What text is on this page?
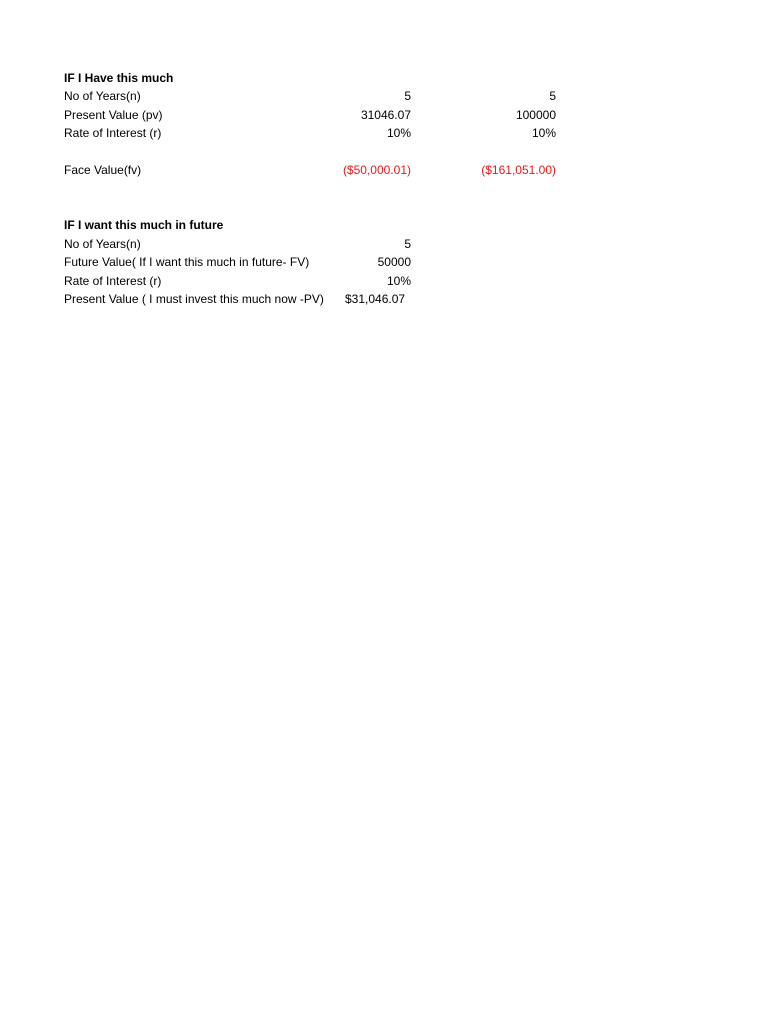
IF I Have this much
No of Years(n)	5	5
Present Value (pv)	31046.07	100000
Rate of Interest (r)	10%	10%
Face Value(fv)	($50,000.01)	($161,051.00)
IF I want this much in future
No of Years(n)	5
Future Value( If I want this much in future- FV)	50000
Rate of Interest (r)	10%
Present Value ( I must invest this much now -PV) $31,046.07
